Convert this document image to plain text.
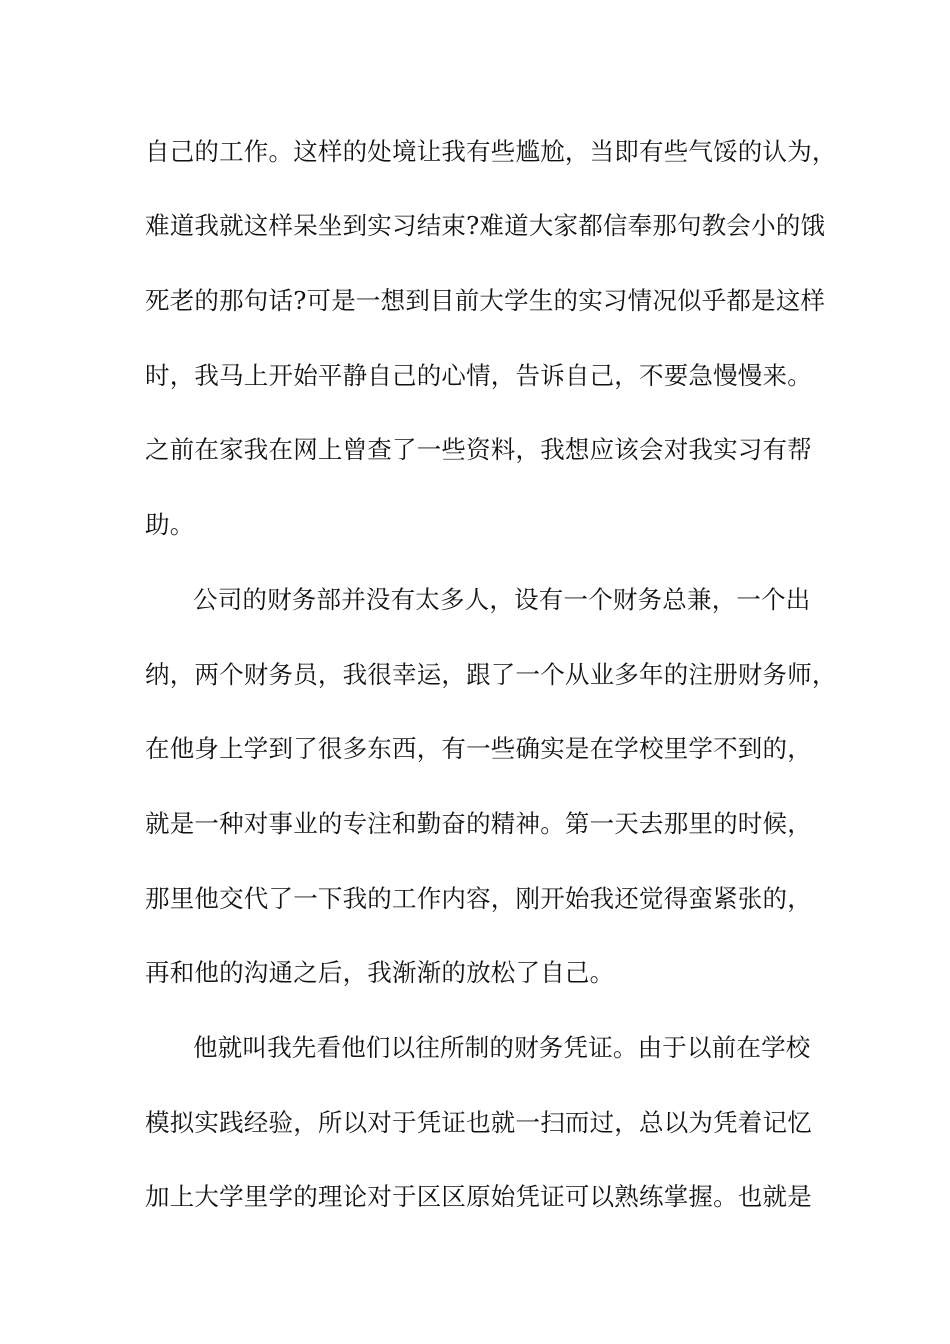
自己的工作。这样的处境让我有些尴尬，当即有些气馁的认为，
难道我就这样呆坐到实习结束?难道大家都信奉那句教会小的饿
死老的那句话?可是一想到目前大学生的实习情况似乎都是这样
时，我马上开始平静自己的心情，告诉自己，不要急慢慢来。
之前在家我在网上曾查了一些资料，我想应该会对我实习有帮
助。
公司的财务部并没有太多人，设有一个财务总兼，一个出
纳，两个财务员，我很幸运，跟了一个从业多年的注册财务师，
在他身上学到了很多东西，有一些确实是在学校里学不到的，
就是一种对事业的专注和勤奋的精神。第一天去那里的时候，
那里他交代了一下我的工作内容，刚开始我还觉得蛮紧张的，
再和他的沟通之后，我渐渐的放松了自己。
他就叫我先看他们以往所制的财务凭证。由于以前在学校
模拟实践经验，所以对于凭证也就一扫而过，总以为凭着记忆
加上大学里学的理论对于区区原始凭证可以熟练掌握。也就是
